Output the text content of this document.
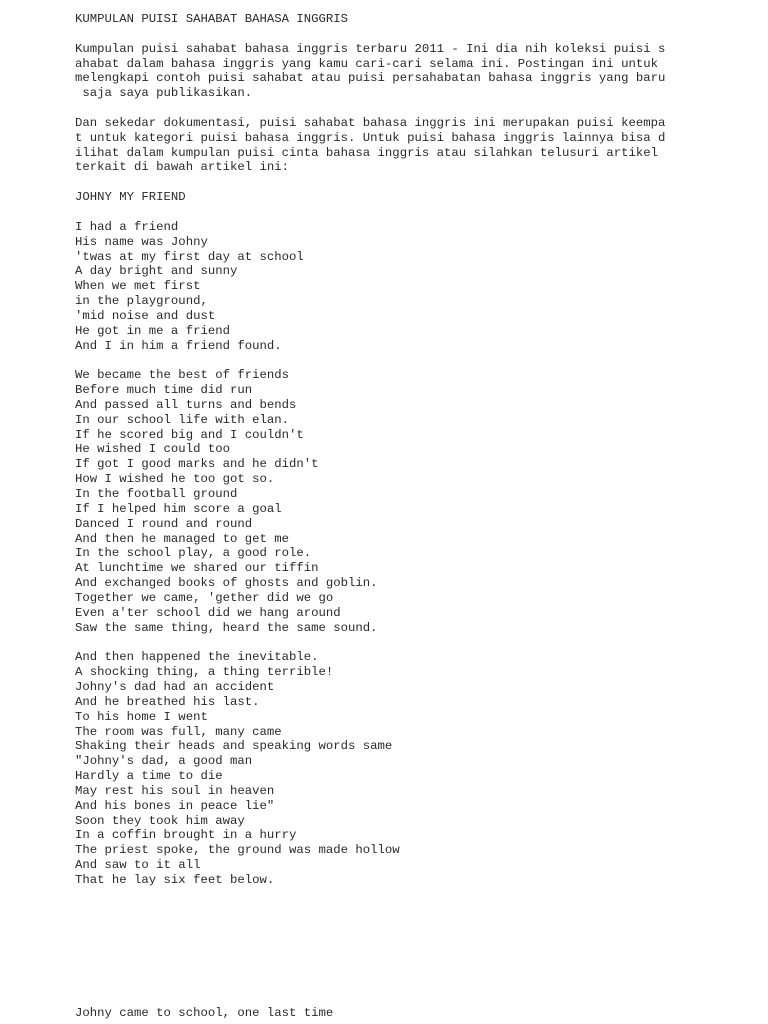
KUMPULAN PUISI SAHABAT BAHASA INGGRIS
Kumpulan puisi sahabat bahasa inggris terbaru 2011 - Ini dia nih koleksi puisi s
ahabat dalam bahasa inggris yang kamu cari-cari selama ini. Postingan ini untuk
melengkapi contoh puisi sahabat atau puisi persahabatan bahasa inggris yang baru
saja saya publikasikan.
Dan sekedar dokumentasi, puisi sahabat bahasa inggris ini merupakan puisi keempa
t untuk kategori puisi bahasa inggris. Untuk puisi bahasa inggris lainnya bisa d
ilihat dalam kumpulan puisi cinta bahasa inggris atau silahkan telusuri artikel
terkait di bawah artikel ini:
JOHNY MY FRIEND
I had a friend
His name was Johny
'twas at my first day at school
A day bright and sunny
When we met first
in the playground,
'mid noise and dust
He got in me a friend
And I in him a friend found.
We became the best of friends
Before much time did run
And passed all turns and bends
In our school life with elan.
If he scored big and I couldn't
He wished I could too
If got I good marks and he didn't
How I wished he too got so.
In the football ground
If I helped him score a goal
Danced I round and round
And then he managed to get me
In the school play, a good role.
At lunchtime we shared our tiffin
And exchanged books of ghosts and goblin.
Together we came, 'gether did we go
Even a'ter school did we hang around
Saw the same thing, heard the same sound.
And then happened the inevitable.
A shocking thing, a thing terrible!
Johny's dad had an accident
And he breathed his last.
To his home I went
The room was full, many came
Shaking their heads and speaking words same
"Johny's dad, a good man
Hardly a time to die
May rest his soul in heaven
And his bones in peace lie"
Soon they took him away
In a coffin brought in a hurry
The priest spoke, the ground was made hollow
And saw to it all
That he lay six feet below.
Johny came to school, one last time
